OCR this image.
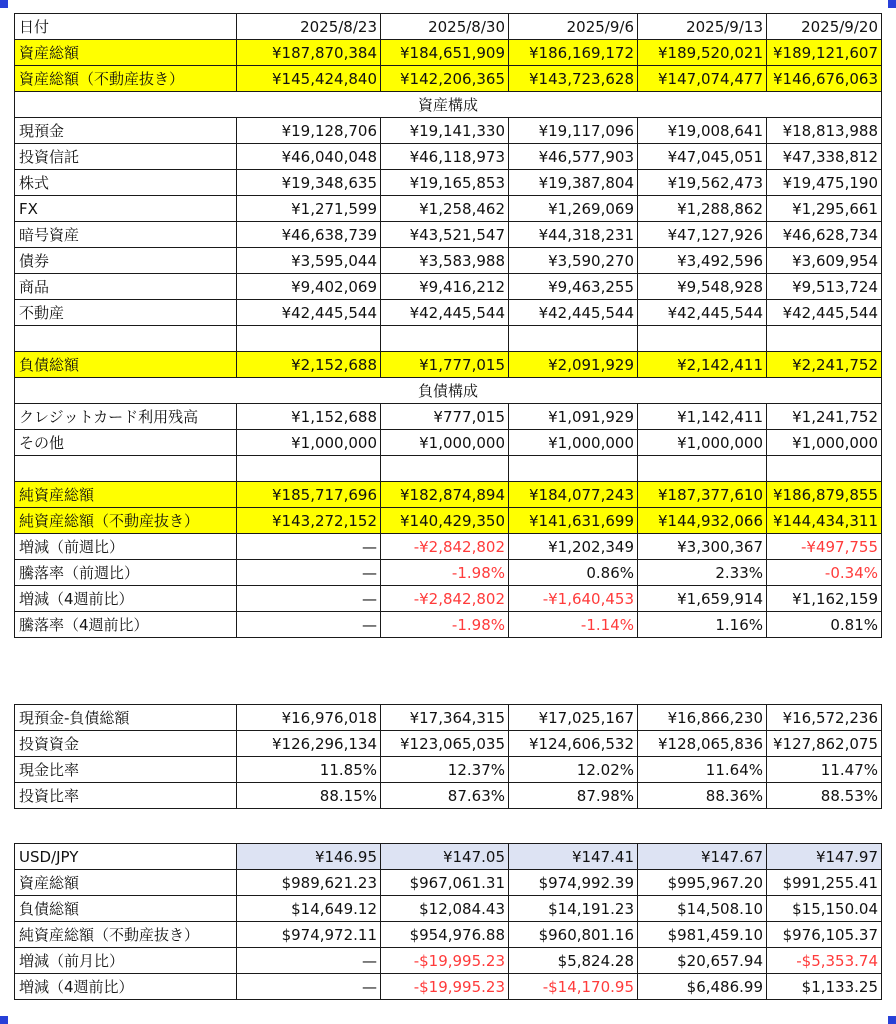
日付	2025/8/23	2025/8/30	2025/9/6	2025/9/13	2025/9/20
資産総額	¥187,870,384	¥184,651,909	¥186,169,172	¥189,520,021	¥189,121,607
資産総額（不動産抜き）	¥145,424,840	¥142,206,365	¥143,723,628	¥147,074,477	¥146,676,063
資産構成					
現預金	¥19,128,706	¥19,141,330	¥19,117,096	¥19,008,641	¥18,813,988
投資信託	¥46,040,048	¥46,118,973	¥46,577,903	¥47,045,051	¥47,338,812
株式	¥19,348,635	¥19,165,853	¥19,387,804	¥19,562,473	¥19,475,190
FX	¥1,271,599	¥1,258,462	¥1,269,069	¥1,288,862	¥1,295,661
暗号資産	¥46,638,739	¥43,521,547	¥44,318,231	¥47,127,926	¥46,628,734
債券	¥3,595,044	¥3,583,988	¥3,590,270	¥3,492,596	¥3,609,954
商品	¥9,402,069	¥9,416,212	¥9,463,255	¥9,548,928	¥9,513,724
不動産	¥42,445,544	¥42,445,544	¥42,445,544	¥42,445,544	¥42,445,544

負債総額	¥2,152,688	¥1,777,015	¥2,091,929	¥2,142,411	¥2,241,752
負債構成					
クレジットカード利用残高	¥1,152,688	¥777,015	¥1,091,929	¥1,142,411	¥1,241,752
その他	¥1,000,000	¥1,000,000	¥1,000,000	¥1,000,000	¥1,000,000

純資産総額	¥185,717,696	¥182,874,894	¥184,077,243	¥187,377,610	¥186,879,855
純資産総額（不動産抜き）	¥143,272,152	¥140,429,350	¥141,631,699	¥144,932,066	¥144,434,311
増減（前週比）	—	-¥2,842,802	¥1,202,349	¥3,300,367	-¥497,755
騰落率（前週比）	—	-1.98%	0.86%	2.33%	-0.34%
増減（4週前比）	—	-¥2,842,802	-¥1,640,453	¥1,659,914	¥1,162,159
騰落率（4週前比）	—	-1.98%	-1.14%	1.16%	0.81%
現預金-負債総額	¥16,976,018	¥17,364,315	¥17,025,167	¥16,866,230	¥16,572,236
投資資金	¥126,296,134	¥123,065,035	¥124,606,532	¥128,065,836	¥127,862,075
現金比率	11.85%	12.37%	12.02%	11.64%	11.47%
投資比率	88.15%	87.63%	87.98%	88.36%	88.53%
USD/JPY	¥146.95	¥147.05	¥147.41	¥147.67	¥147.97
資産総額	$989,621.23	$967,061.31	$974,992.39	$995,967.20	$991,255.41
負債総額	$14,649.12	$12,084.43	$14,191.23	$14,508.10	$15,150.04
純資産総額（不動産抜き）	$974,972.11	$954,976.88	$960,801.16	$981,459.10	$976,105.37
増減（前月比）	—	-$19,995.23	$5,824.28	$20,657.94	-$5,353.74
増減（4週前比）	—	-$19,995.23	-$14,170.95	$6,486.99	$1,133.25
